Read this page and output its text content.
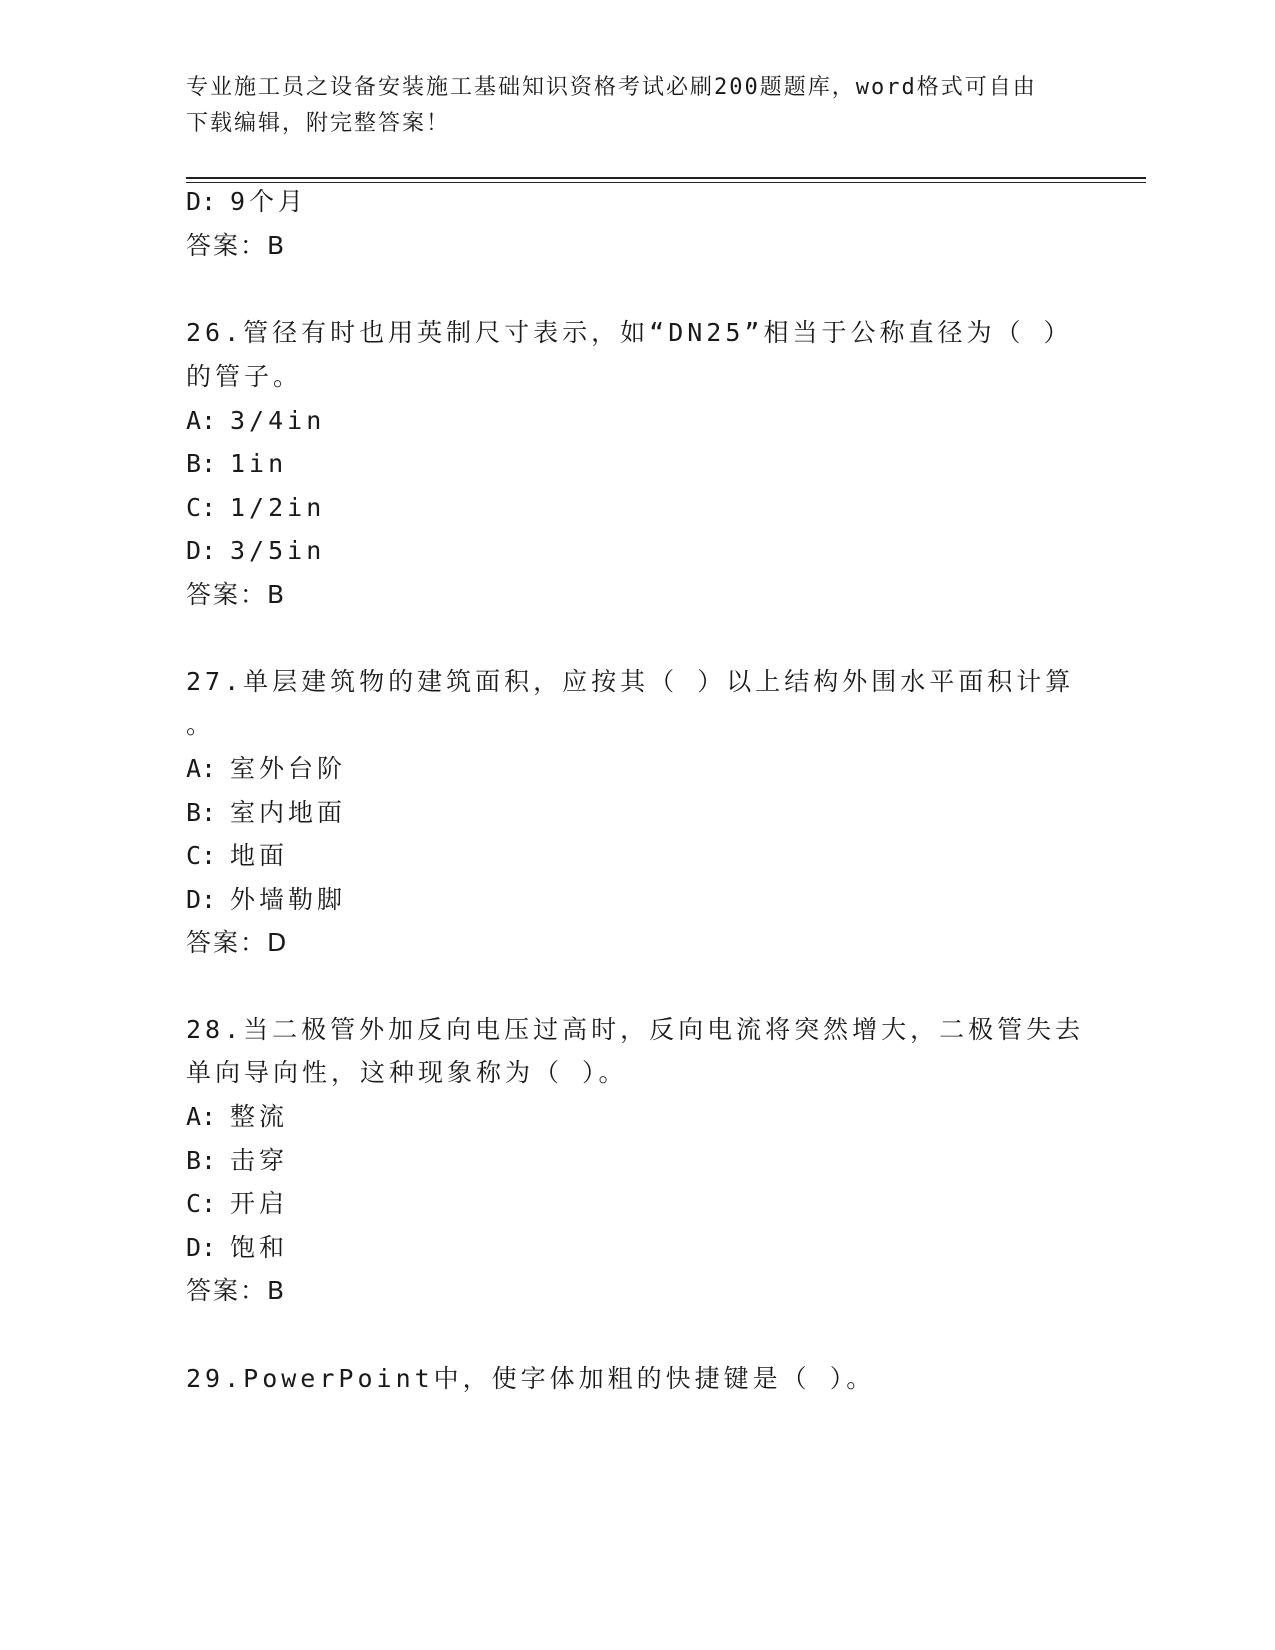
专业施工员之设备安装施工基础知识资格考试必刷200题题库，word格式可自由
下载编辑，附完整答案！
D: 9个月
答案：B
26.管径有时也用英制尺寸表示，如“DN25”相当于公称直径为（ ）
的管子。
A: 3/4in
B: 1in
C: 1/2in
D: 3/5in
答案：B
27.单层建筑物的建筑面积，应按其（ ）以上结构外围水平面积计算
。
A: 室外台阶
B: 室内地面
C: 地面
D: 外墙勒脚
答案：D
28.当二极管外加反向电压过高时，反向电流将突然增大，二极管失去
单向导向性，这种现象称为（ ）。
A: 整流
B: 击穿
C: 开启
D: 饱和
答案：B
29.PowerPoint中，使字体加粗的快捷键是（ ）。
